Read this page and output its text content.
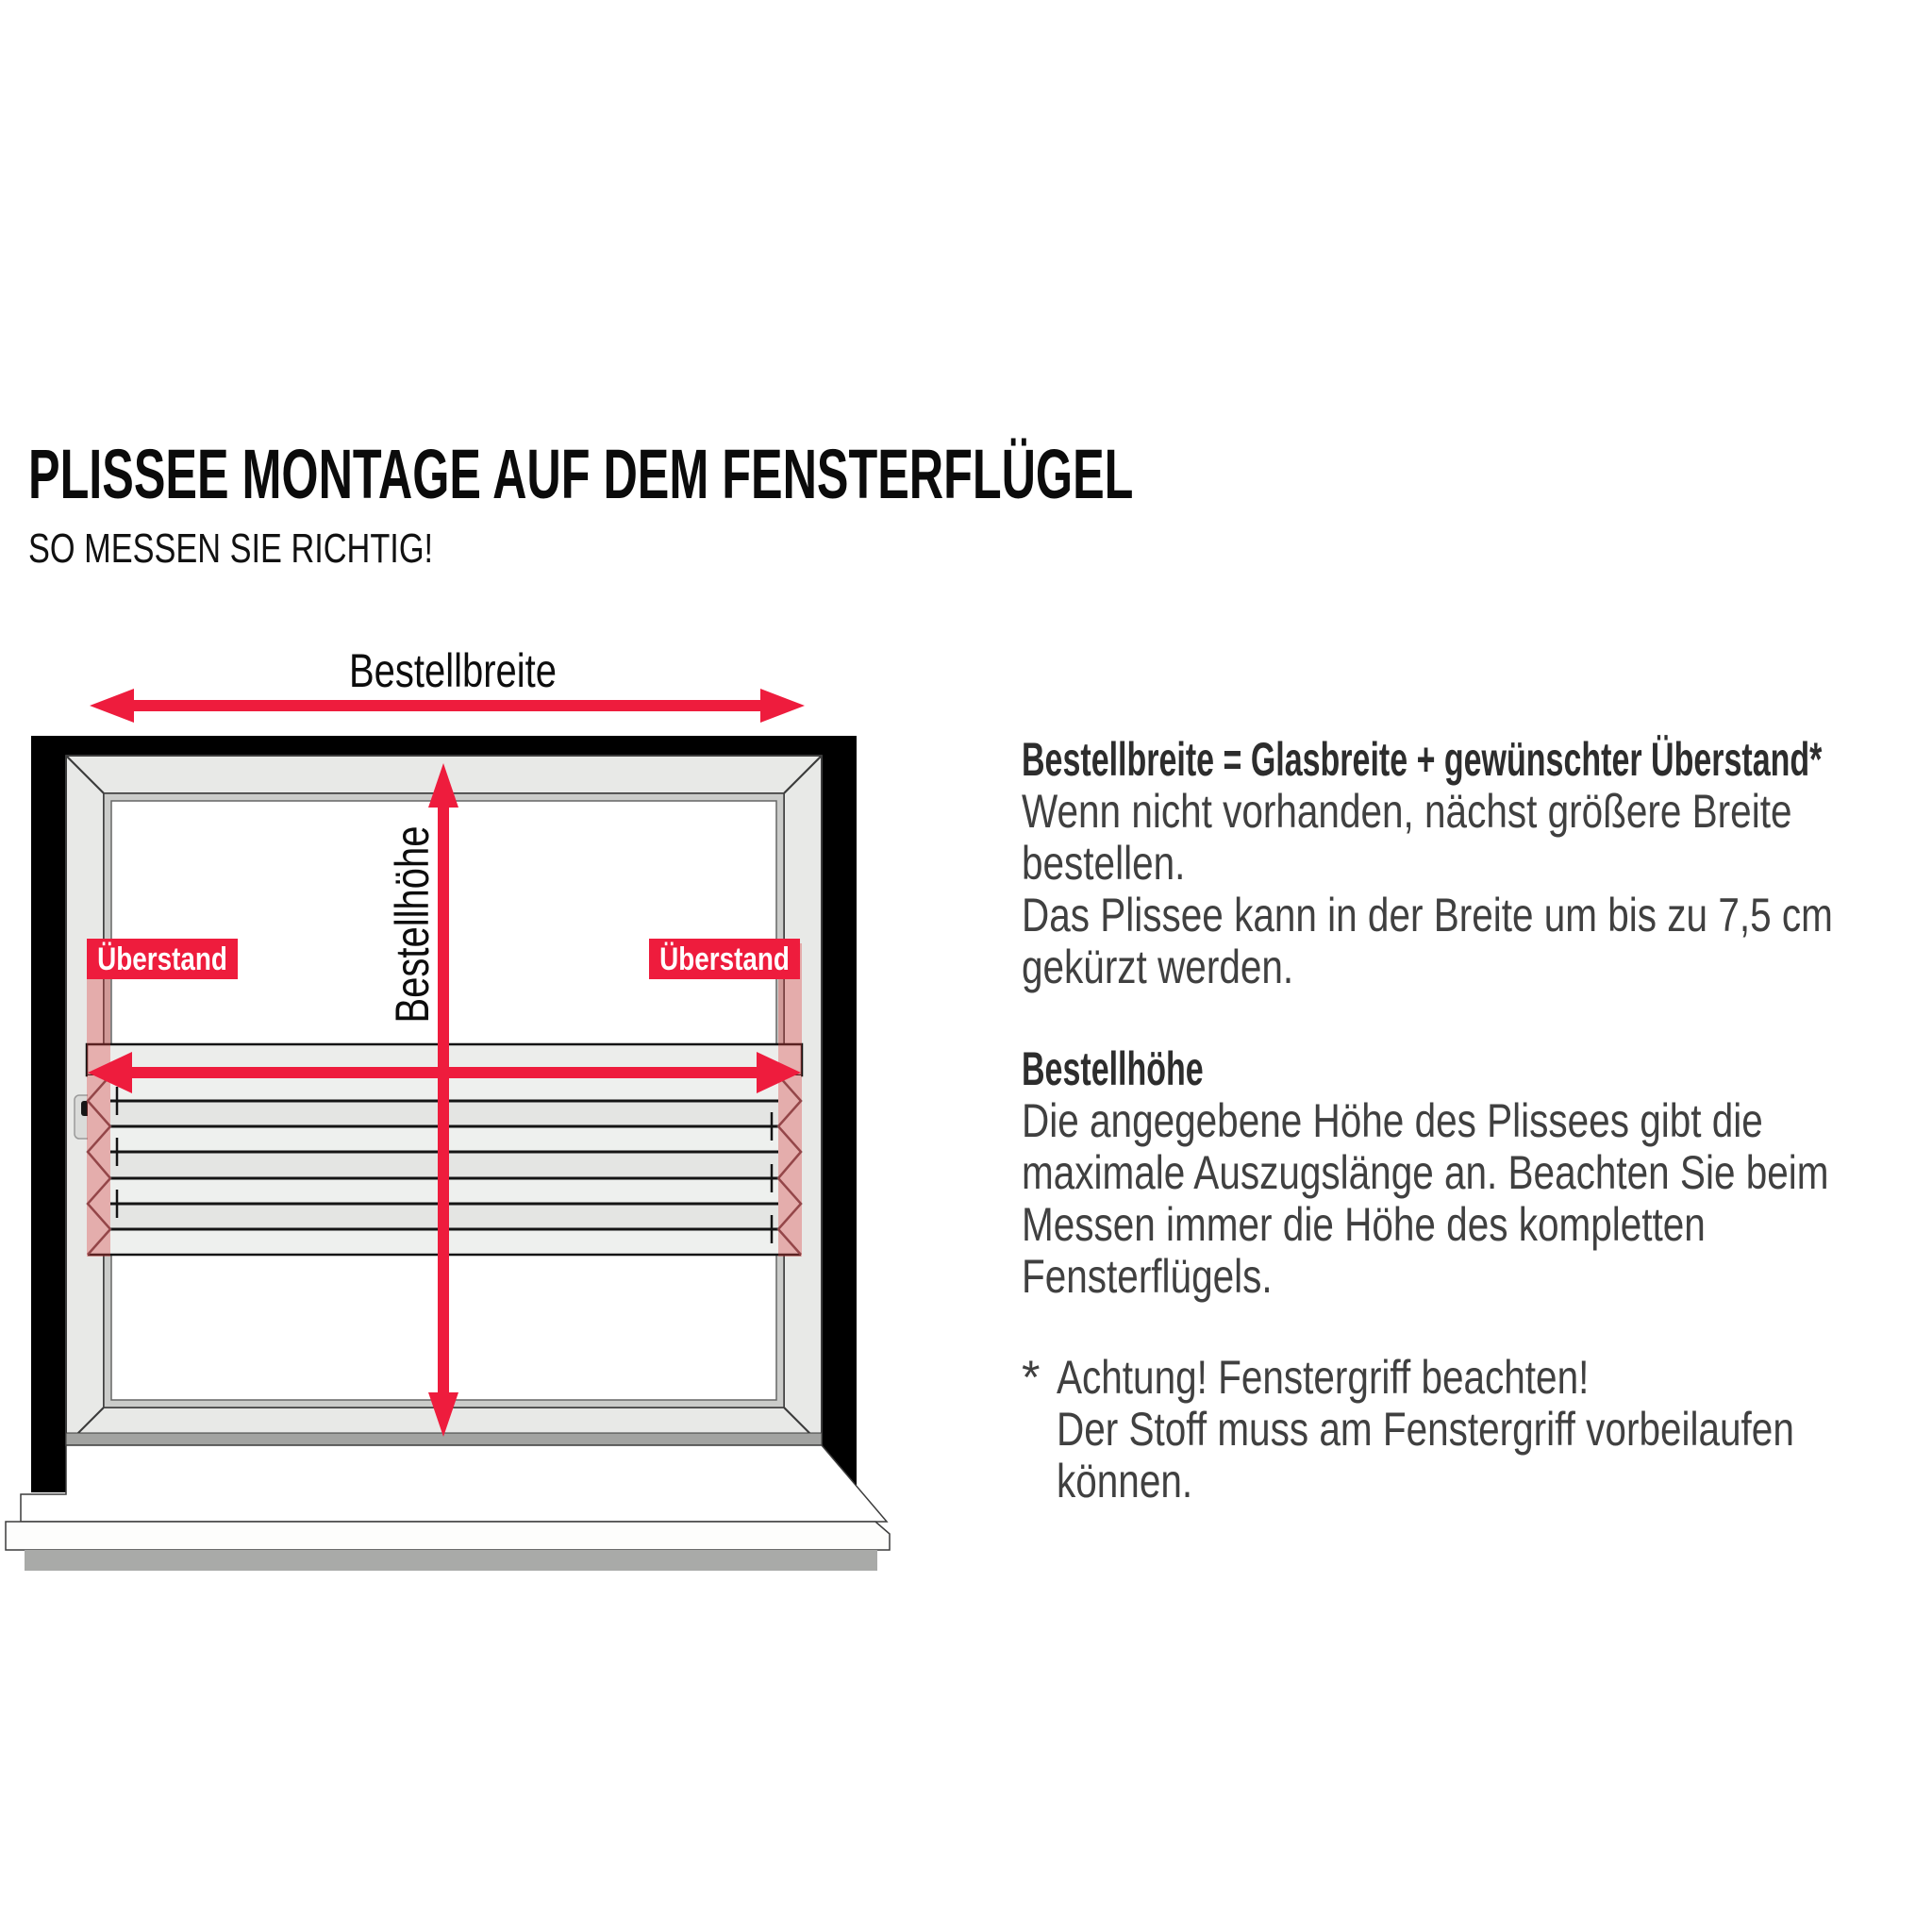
PLISSEE MONTAGE AUF DEM FENSTERFLÜGEL
SO MESSEN SIE RICHTIG!
Überstand	Überstand
Bestellbreite
Bestellhöhe
Bestellbreite = Glasbreite + gewünschter Überstand*
Wenn nicht vorhanden, nächst größere Breite
bestellen.
Das Plissee kann in der Breite um bis zu 7,5 cm
gekürzt werden.
Bestellhöhe
Die angegebene Höhe des Plissees gibt die
maximale Auszugslänge an. Beachten Sie beim
Messen immer die Höhe des kompletten
Fensterflügels.
* Achtung! Fenstergriff beachten!
Der Stoff muss am Fenstergriff vorbeilaufen
können.
